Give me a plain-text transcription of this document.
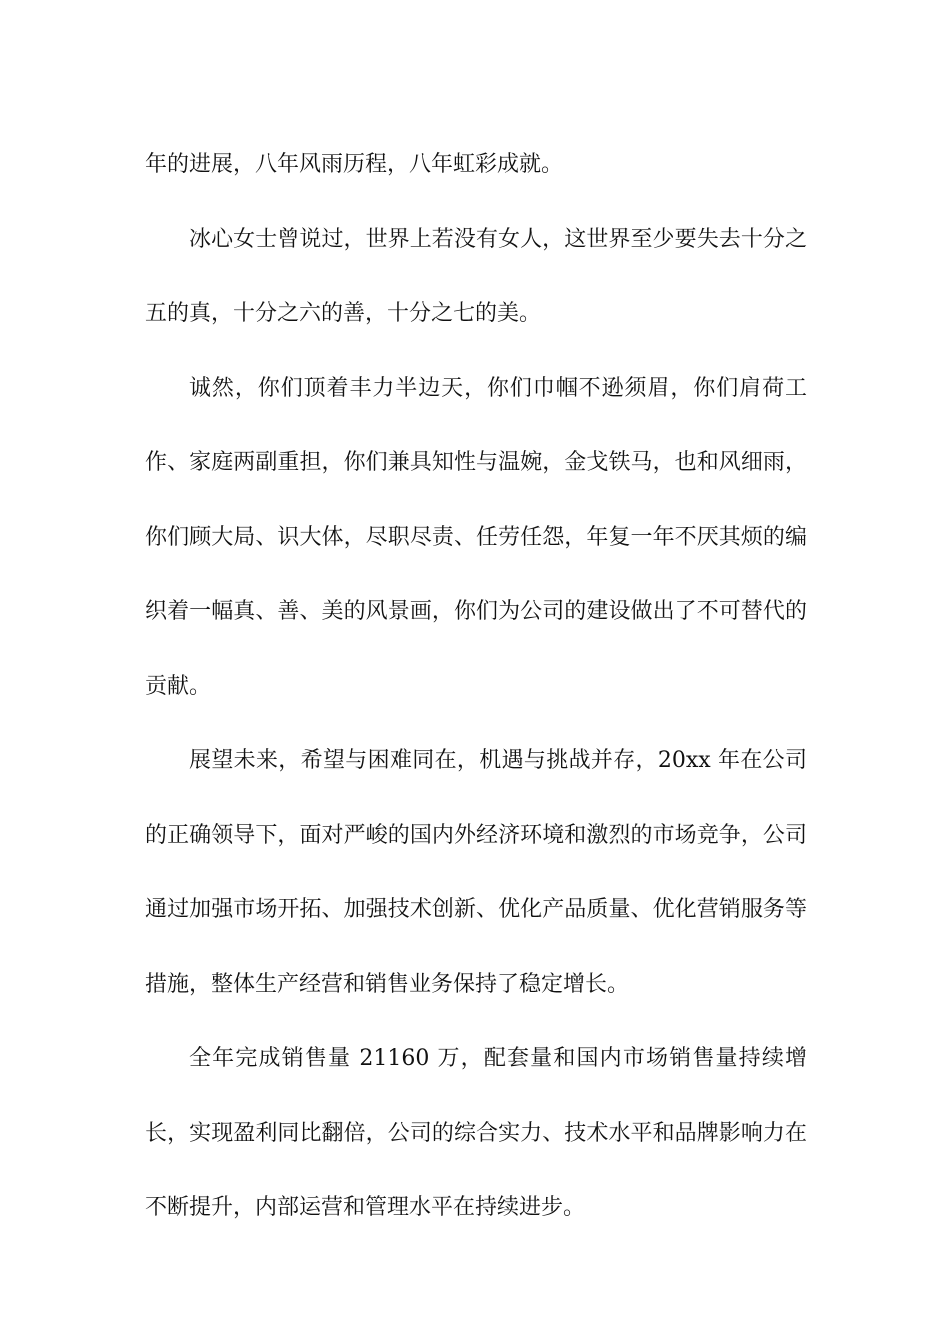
年的进展，八年风雨历程，八年虹彩成就。

冰心女士曾说过，世界上若没有女人，这世界至少要失去十分之五的真，十分之六的善，十分之七的美。

诚然，你们顶着丰力半边天，你们巾帼不逊须眉，你们肩荷工作、家庭两副重担，你们兼具知性与温婉，金戈铁马，也和风细雨，你们顾大局、识大体，尽职尽责、任劳任怨，年复一年不厌其烦的编织着一幅真、善、美的风景画，你们为公司的建设做出了不可替代的贡献。

展望未来，希望与困难同在，机遇与挑战并存，20xx 年在公司的正确领导下，面对严峻的国内外经济环境和激烈的市场竞争，公司通过加强市场开拓、加强技术创新、优化产品质量、优化营销服务等措施，整体生产经营和销售业务保持了稳定增长。

全年完成销售量 21160 万，配套量和国内市场销售量持续增长，实现盈利同比翻倍，公司的综合实力、技术水平和品牌影响力在不断提升，内部运营和管理水平在持续进步。
